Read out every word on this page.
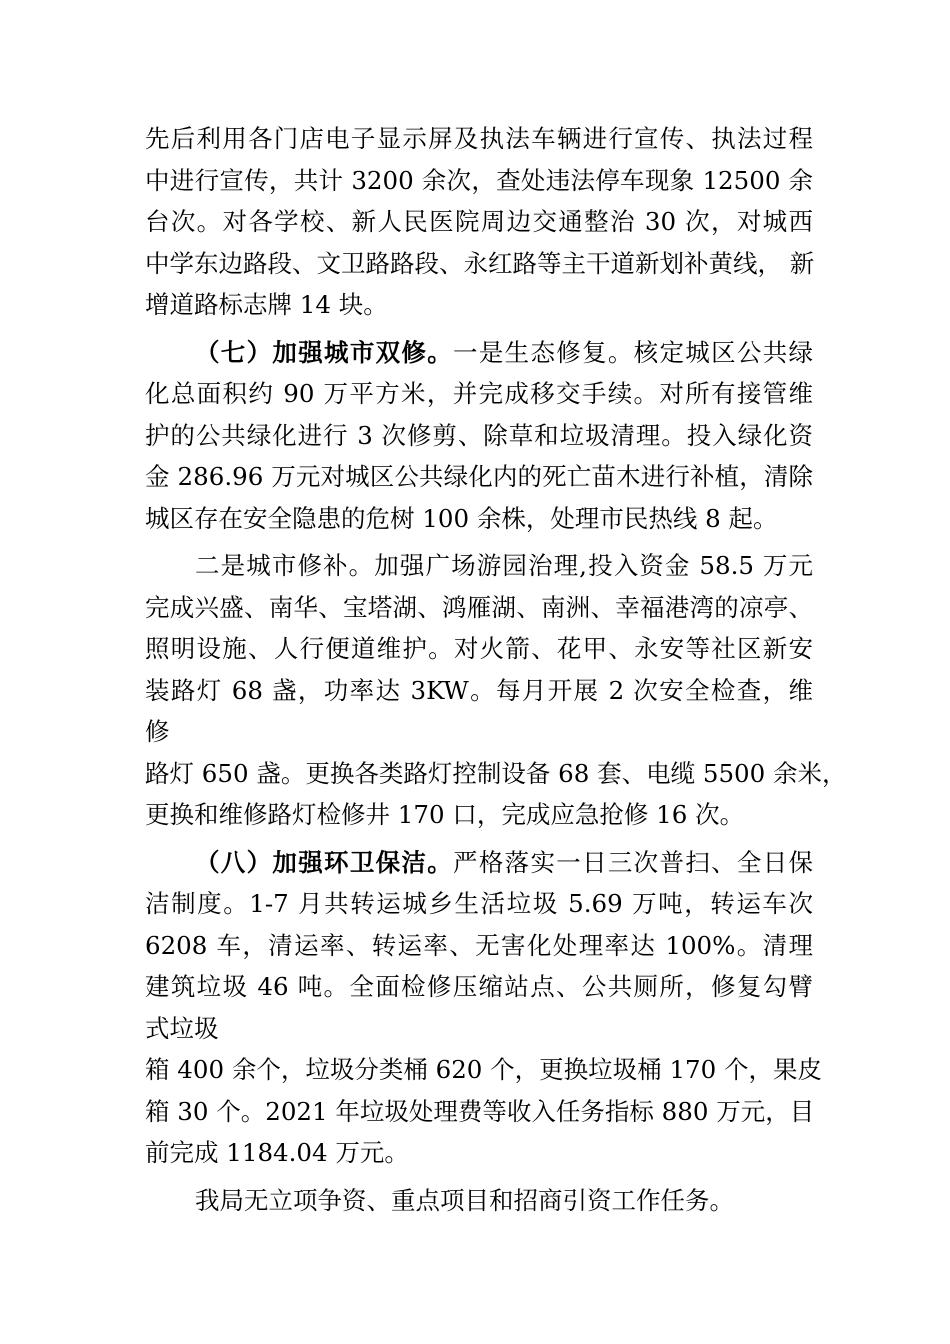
先后利用各门店电子显示屏及执法车辆进行宣传、执法过程
中进行宣传，共计 3200 余次，查处违法停车现象 12500 余
台次。对各学校、新人民医院周边交通整治 30 次，对城西
中学东边路段、文卫路路段、永红路等主干道新划补黄线， 新
增道路标志牌 14 块。
（七）加强城市双修。一是生态修复。核定城区公共绿
化总面积约 90 万平方米，并完成移交手续。对所有接管维
护的公共绿化进行 3 次修剪、除草和垃圾清理。投入绿化资
金 286.96 万元对城区公共绿化内的死亡苗木进行补植，清除
城区存在安全隐患的危树 100 余株，处理市民热线 8 起。
二是城市修补。加强广场游园治理,投入资金 58.5 万元
完成兴盛、南华、宝塔湖、鸿雁湖、南洲、幸福港湾的凉亭、
照明设施、人行便道维护。对火箭、花甲、永安等社区新安
装路灯 68 盏，功率达 3KW。每月开展 2 次安全检查，维
修
路灯 650 盏。更换各类路灯控制设备 68 套、电缆 5500 余米，
更换和维修路灯检修井 170 口，完成应急抢修 16 次。
（八）加强环卫保洁。严格落实一日三次普扫、全日保
洁制度。1-7 月共转运城乡生活垃圾 5.69 万吨，转运车次
6208 车，清运率、转运率、无害化处理率达 100%。清理
建筑垃圾 46 吨。全面检修压缩站点、公共厕所，修复勾臂
式垃圾
箱 400 余个，垃圾分类桶 620 个，更换垃圾桶 170 个，果皮
箱 30 个。2021 年垃圾处理费等收入任务指标 880 万元，目
前完成 1184.04 万元。
我局无立项争资、重点项目和招商引资工作任务。
